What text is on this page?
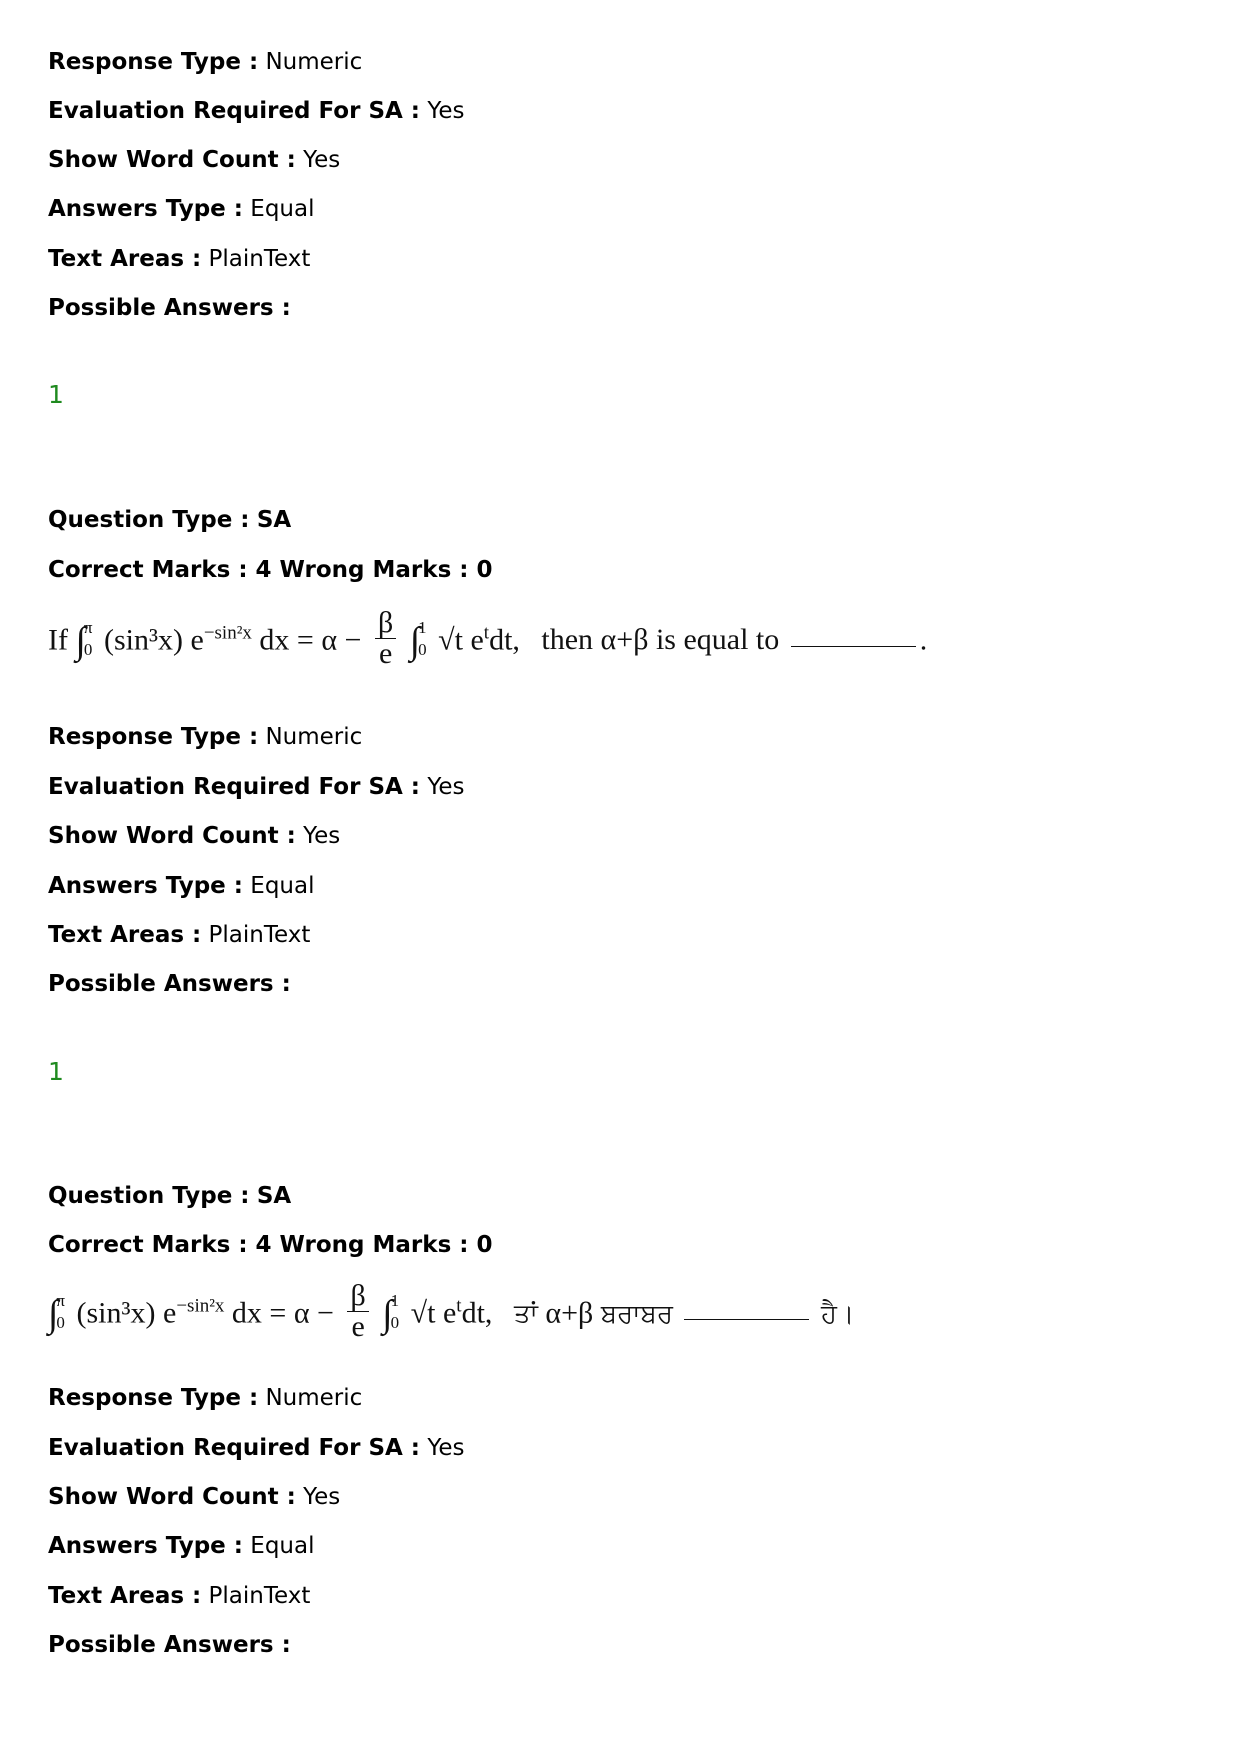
Response Type : Numeric
Evaluation Required For SA : Yes
Show Word Count : Yes
Answers Type : Equal
Text Areas : PlainText
Possible Answers :
1
Question Type : SA
Correct Marks : 4 Wrong Marks : 0
If ∫
π
0 (sin³x) $e^{-sin^2x}$ dx = $\alpha - \frac{\beta}{e}$ ∫
1
0 √t $e^tdt$, then α+β is equal to	.
Response Type : Numeric
Evaluation Required For SA : Yes
Show Word Count : Yes
Answers Type : Equal
Text Areas : PlainText
Possible Answers :
1
Question Type : SA
Correct Marks : 4 Wrong Marks : 0
∫
π
0 (sin³x) $e^{-sin^2x}$ dx = $\alpha - \frac{\beta}{e}$ ∫
1
0 √t $e^tdt$, ਤਾਂ α+β ਬਰਾਬਰ	ਹੈ।
Response Type : Numeric
Evaluation Required For SA : Yes
Show Word Count : Yes
Answers Type : Equal
Text Areas : PlainText
Possible Answers :
